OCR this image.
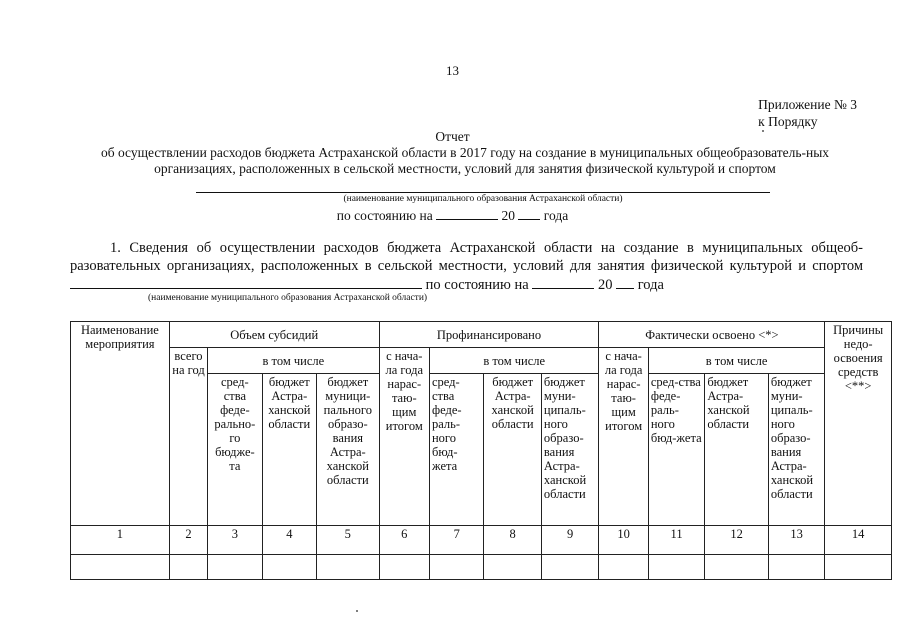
13
Приложение № 3
к Порядку
Отчет
об осуществлении расходов бюджета Астраханской области в 2017 году на создание в муниципальных общеобразователь-ных организациях, расположенных в сельской местности, условий для занятия физической культурой и спортом
(наименование муниципального образования Астраханской области)
по состоянию на	20 года
1. Сведения об осуществлении расходов бюджета Астраханской области на создание в муниципальных общеоб-разовательных организациях, расположенных в сельской местности, условий для занятия физической культурой и спортом  по состоянию на	20 года
(наименование муниципального образования Астраханской области)
Наименование мероприятия	Объем субсидий				Профинансировано				Фактически освоено <*>				Причины недо-освоения средств <**>
	всего на год	в том числе			с нача-ла года нарас-таю-щим итогом	в том числе			с нача-ла года нарас-таю-щим итогом	в том числе			
		сред-ства феде-рально-го бюдже-та	бюджет Астра-ханской области	бюджет муници-пального образо-вания Астра-ханской области		сред-ства феде-раль-ного бюд-жета	бюджет Астра-ханской области	бюджет муни-ципаль-ного образо-вания Астра-ханской области		сред-ства феде-раль-ного бюд-жета	бюджет Астра-ханской области	бюджет муни-ципаль-ного образо-вания Астра-ханской области	
1	2	3	4	5	6	7	8	9	10	11	12	13	14
